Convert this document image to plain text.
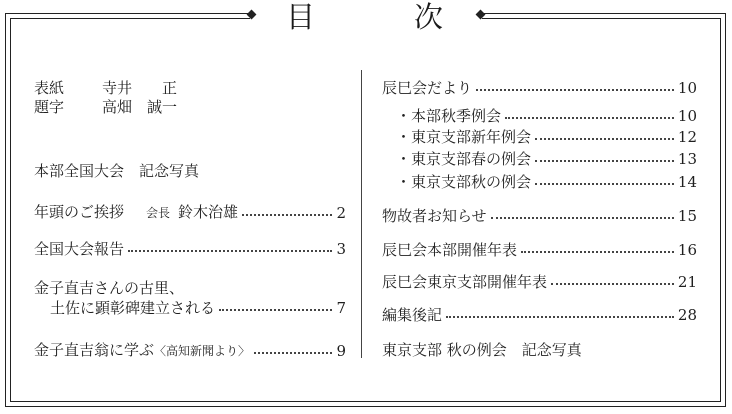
目	次
表紙	寺井　　正
題字	高畑　誠一
本部全国大会　記念写真
年頭のご挨拶 会長 鈴木治雄	2
全国大会報告	3
金子直吉さんの古里、
土佐に顕彰碑建立される	7
金子直吉翁に学ぶ〈高知新聞より〉	9
辰巳会だより	10
・本部秋季例会	10
・東京支部新年例会	12
・東京支部春の例会	13
・東京支部秋の例会	14
物故者お知らせ	15
辰巳会本部開催年表	16
辰巳会東京支部開催年表	21
編集後記	28
東京支部 秋の例会　記念写真
